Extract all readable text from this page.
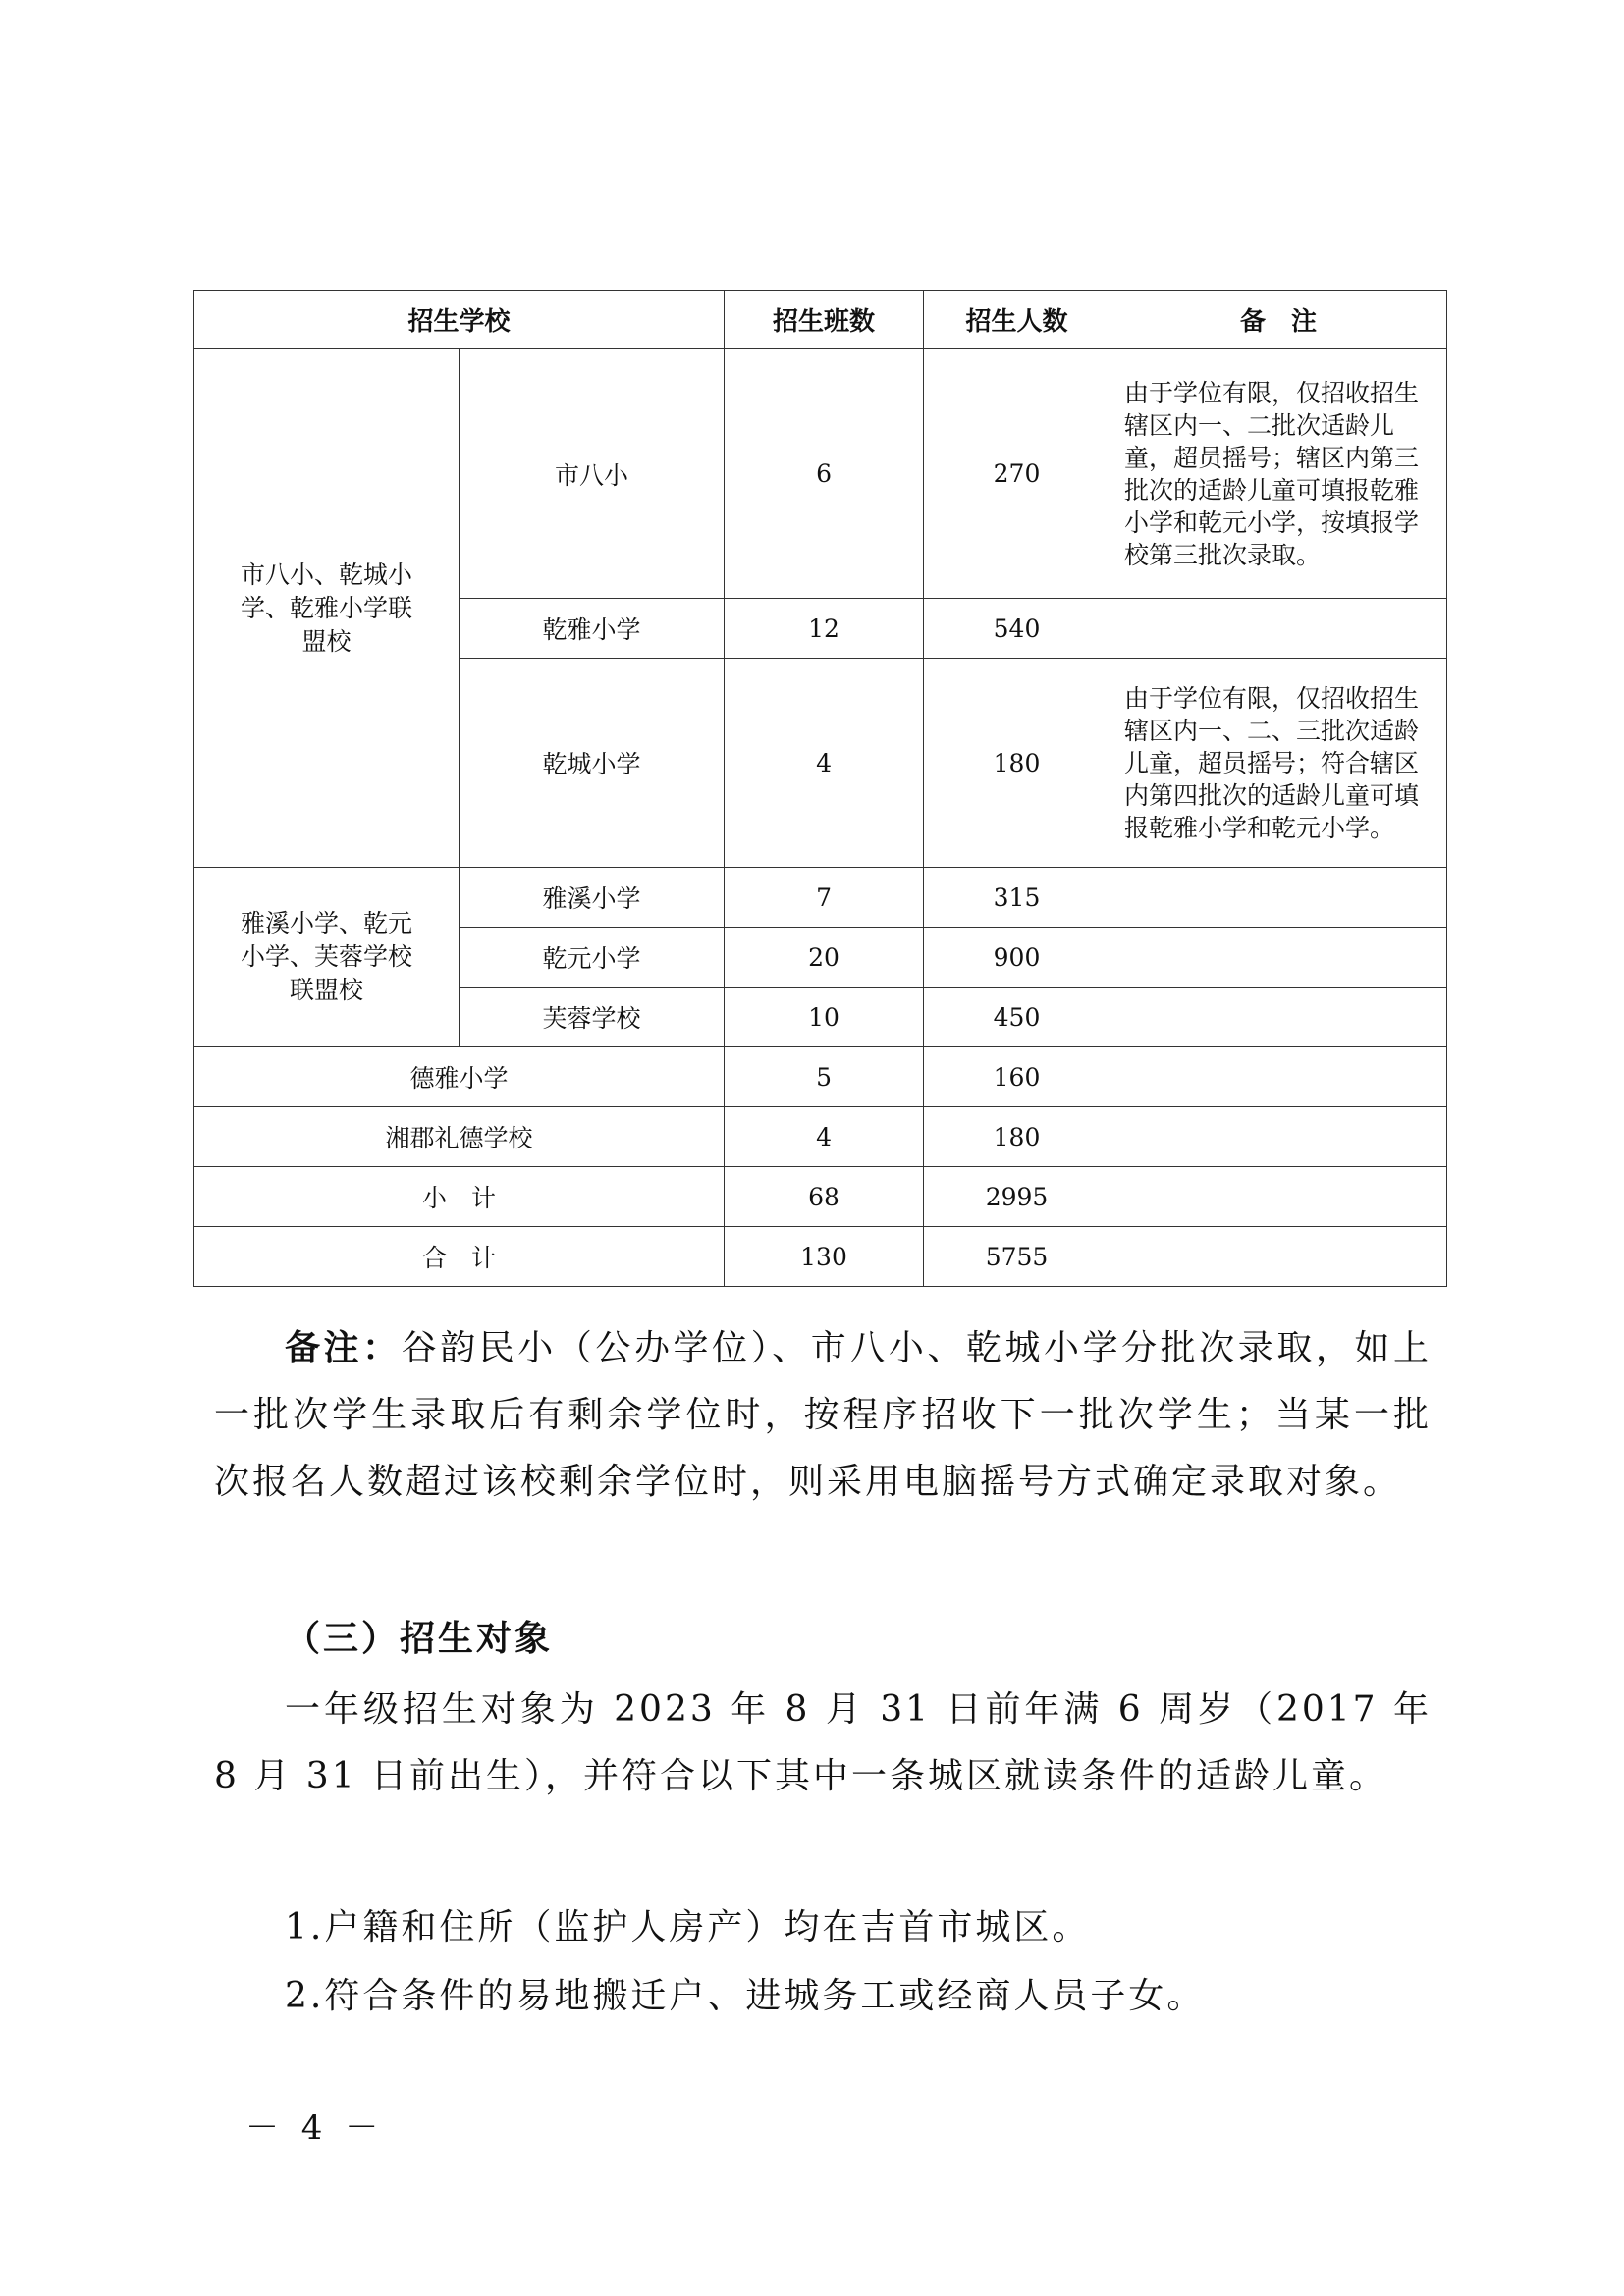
招生学校		招生班数	招生人数	备　注
市八小、乾城小学、乾雅小学联盟校	市八小	6	270	由于学位有限，仅招收招生辖区内一、二批次适龄儿童，超员摇号；辖区内第三批次的适龄儿童可填报乾雅小学和乾元小学，按填报学校第三批次录取。
	乾雅小学	12	540	
	乾城小学	4	180	由于学位有限，仅招收招生辖区内一、二、三批次适龄儿童，超员摇号；符合辖区内第四批次的适龄儿童可填报乾雅小学和乾元小学。
雅溪小学、乾元小学、芙蓉学校联盟校	雅溪小学	7	315	
	乾元小学	20	900	
	芙蓉学校	10	450	
德雅小学		5	160	
湘郡礼德学校		4	180	
小　计		68	2995	
合　计		130	5755	
备注：谷韵民小（公办学位）、市八小、乾城小学分批次录取，如上一批次学生录取后有剩余学位时，按程序招收下一批次学生；当某一批次报名人数超过该校剩余学位时，则采用电脑摇号方式确定录取对象。
（三）招生对象
一年级招生对象为 2023 年 8 月 31 日前年满 6 周岁（2017 年 8 月 31 日前出生），并符合以下其中一条城区就读条件的适龄儿童。
1.户籍和住所（监护人房产）均在吉首市城区。
2.符合条件的易地搬迁户、进城务工或经商人员子女。
－ 4 －
